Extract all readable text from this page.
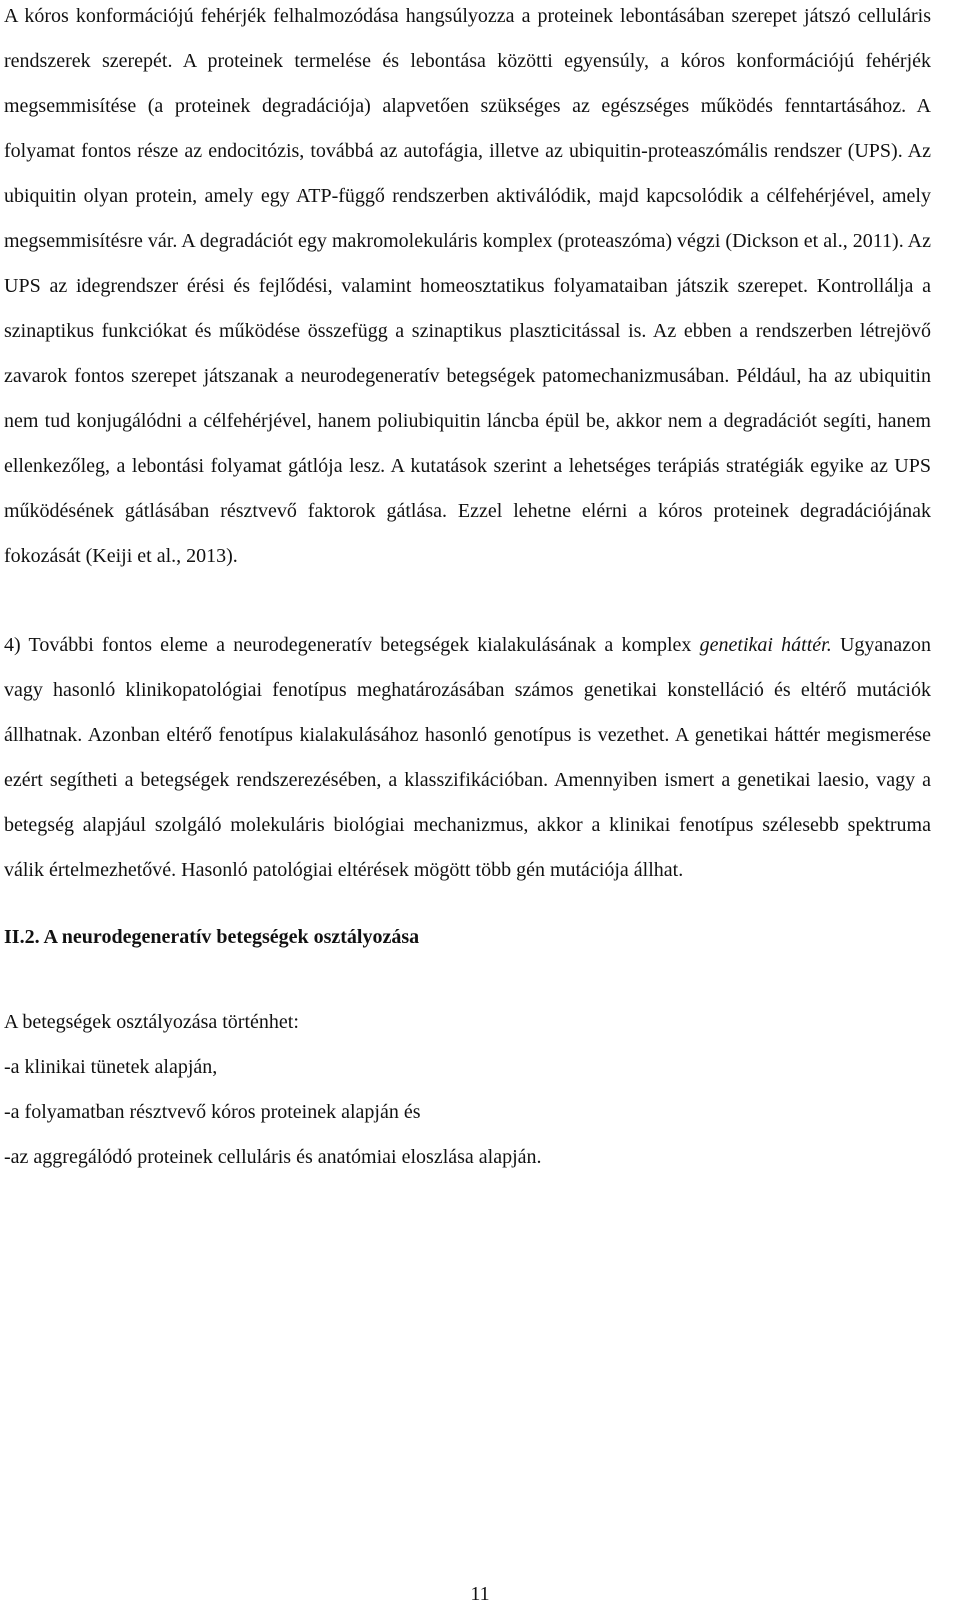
A kóros konformációjú fehérjék felhalmozódása hangsúlyozza a proteinek lebontásában szerepet játszó celluláris rendszerek szerepét. A proteinek termelése és lebontása közötti egyensúly, a kóros konformációjú fehérjék megsemmisítése (a proteinek degradációja) alapvetően szükséges az egészséges működés fenntartásához. A folyamat fontos része az endocitózis, továbbá az autofágia, illetve az ubiquitin-proteaszómális rendszer (UPS). Az ubiquitin olyan protein, amely egy ATP-függő rendszerben aktiválódik, majd kapcsolódik a célfehérjével, amely megsemmisítésre vár. A degradációt egy makromolekuláris komplex (proteaszóma) végzi (Dickson et al., 2011). Az UPS az idegrendszer érési és fejlődési, valamint homeosztatikus folyamataiban játszik szerepet. Kontrollálja a szinaptikus funkciókat és működése összefügg a szinaptikus plaszticitással is. Az ebben a rendszerben létrejövő zavarok fontos szerepet játszanak a neurodegeneratív betegségek patomechanizmusában. Például, ha az ubiquitin nem tud konjugálódni a célfehérjével, hanem poliubiquitin láncba épül be, akkor nem a degradációt segíti, hanem ellenkezőleg, a lebontási folyamat gátlója lesz. A kutatások szerint a lehetséges terápiás stratégiák egyike az UPS működésének gátlásában résztvevő faktorok gátlása. Ezzel lehetne elérni a kóros proteinek degradációjának fokozását (Keiji et al., 2013).

4) További fontos eleme a neurodegeneratív betegségek kialakulásának a komplex genetikai háttér. Ugyanazon vagy hasonló klinikopatológiai fenotípus meghatározásában számos genetikai konstelláció és eltérő mutációk állhatnak. Azonban eltérő fenotípus kialakulásához hasonló genotípus is vezethet. A genetikai háttér megismerése ezért segítheti a betegségek rendszerezésében, a klasszifikációban. Amennyiben ismert a genetikai laesio, vagy a betegség alapjául szolgáló molekuláris biológiai mechanizmus, akkor a klinikai fenotípus szélesebb spektruma válik értelmezhetővé. Hasonló patológiai eltérések mögött több gén mutációja állhat.

II.2. A neurodegeneratív betegségek osztályozása

A betegségek osztályozása történhet:

-a klinikai tünetek alapján,

-a folyamatban résztvevő kóros proteinek alapján és

-az aggregálódó proteinek celluláris és anatómiai eloszlása alapján.

11
